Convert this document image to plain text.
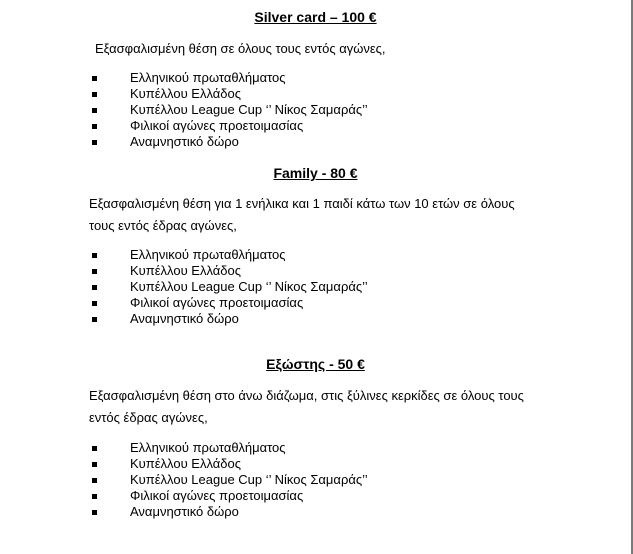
Silver card – 100 €
Εξασφαλισμένη θέση σε όλους τους εντός αγώνες,
Ελληνικού πρωταθλήματος
Κυπέλλου Ελλάδος
Κυπέλλου League Cup ‘’ Νίκος Σαμαράς’’
Φιλικοί αγώνες προετοιμασίας
Αναμνηστικό δώρο
Family - 80 €
Εξασφαλισμένη θέση για 1 ενήλικα και 1 παιδί κάτω των 10 ετών σε όλους
τους εντός έδρας αγώνες,
Ελληνικού πρωταθλήματος
Κυπέλλου Ελλάδος
Κυπέλλου League Cup ‘’ Νίκος Σαμαράς’’
Φιλικοί αγώνες προετοιμασίας
Αναμνηστικό δώρο
Εξώστης - 50 €
Εξασφαλισμένη θέση στο άνω διάζωμα, στις ξύλινες κερκίδες σε όλους τους
εντός έδρας αγώνες,
Ελληνικού πρωταθλήματος
Κυπέλλου Ελλάδος
Κυπέλλου League Cup ‘’ Νίκος Σαμαράς’’
Φιλικοί αγώνες προετοιμασίας
Αναμνηστικό δώρο
